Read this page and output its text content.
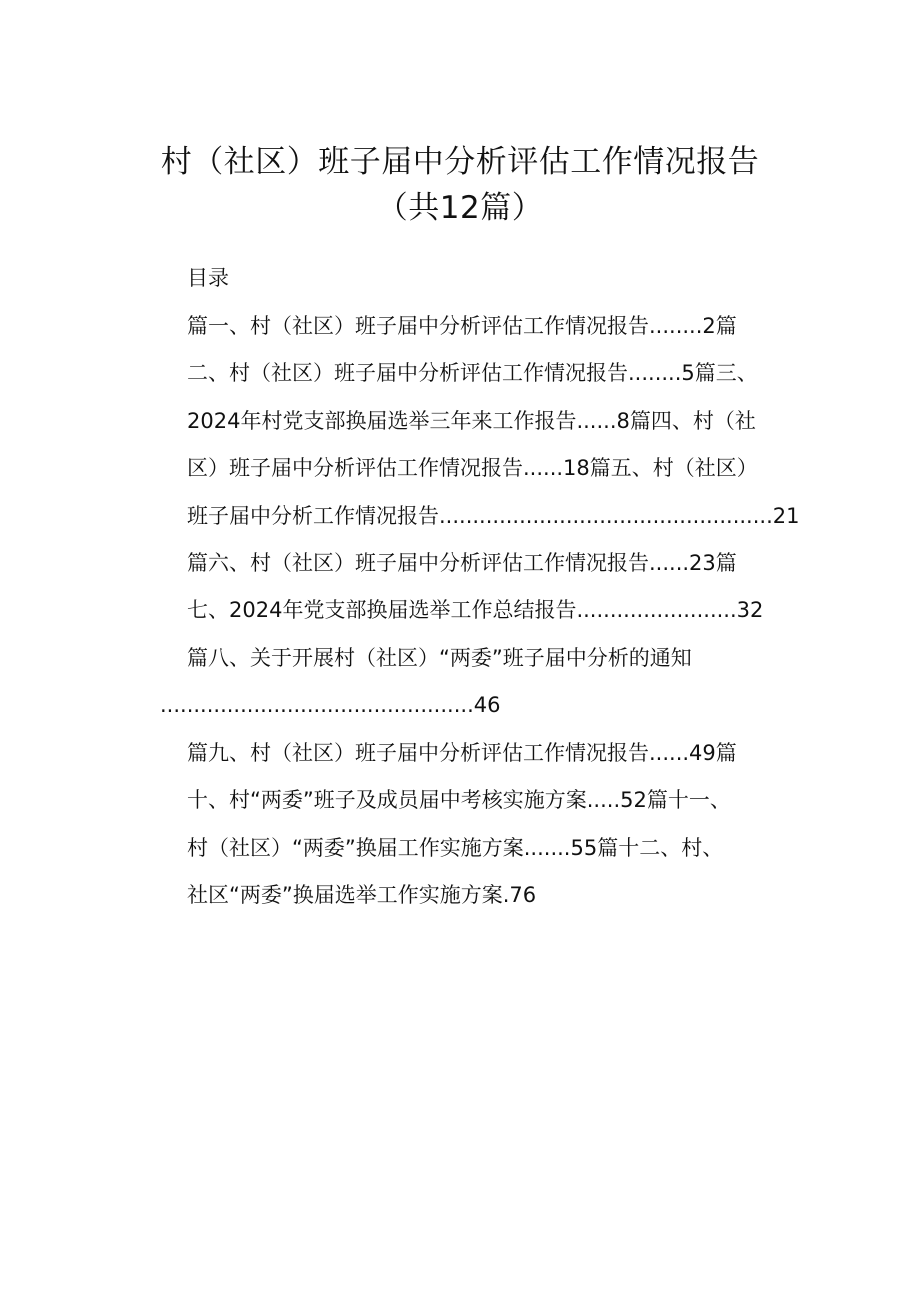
村（社区）班子届中分析评估工作情况报告
（共12篇）
目录
篇一、村（社区）班子届中分析评估工作情况报告........2篇
二、村（社区）班子届中分析评估工作情况报告........5篇三、
2024年村党支部换届选举三年来工作报告......8篇四、村（社
区）班子届中分析评估工作情况报告......18篇五、村（社区）
班子届中分析工作情况报告..................................................21
篇六、村（社区）班子届中分析评估工作情况报告......23篇
七、2024年党支部换届选举工作总结报告........................32
篇八、关于开展村（社区）“两委”班子届中分析的通知
...............................................46
篇九、村（社区）班子届中分析评估工作情况报告......49篇
十、村“两委”班子及成员届中考核实施方案.....52篇十一、
村（社区）“两委”换届工作实施方案.......55篇十二、村、
社区“两委”换届选举工作实施方案.76
